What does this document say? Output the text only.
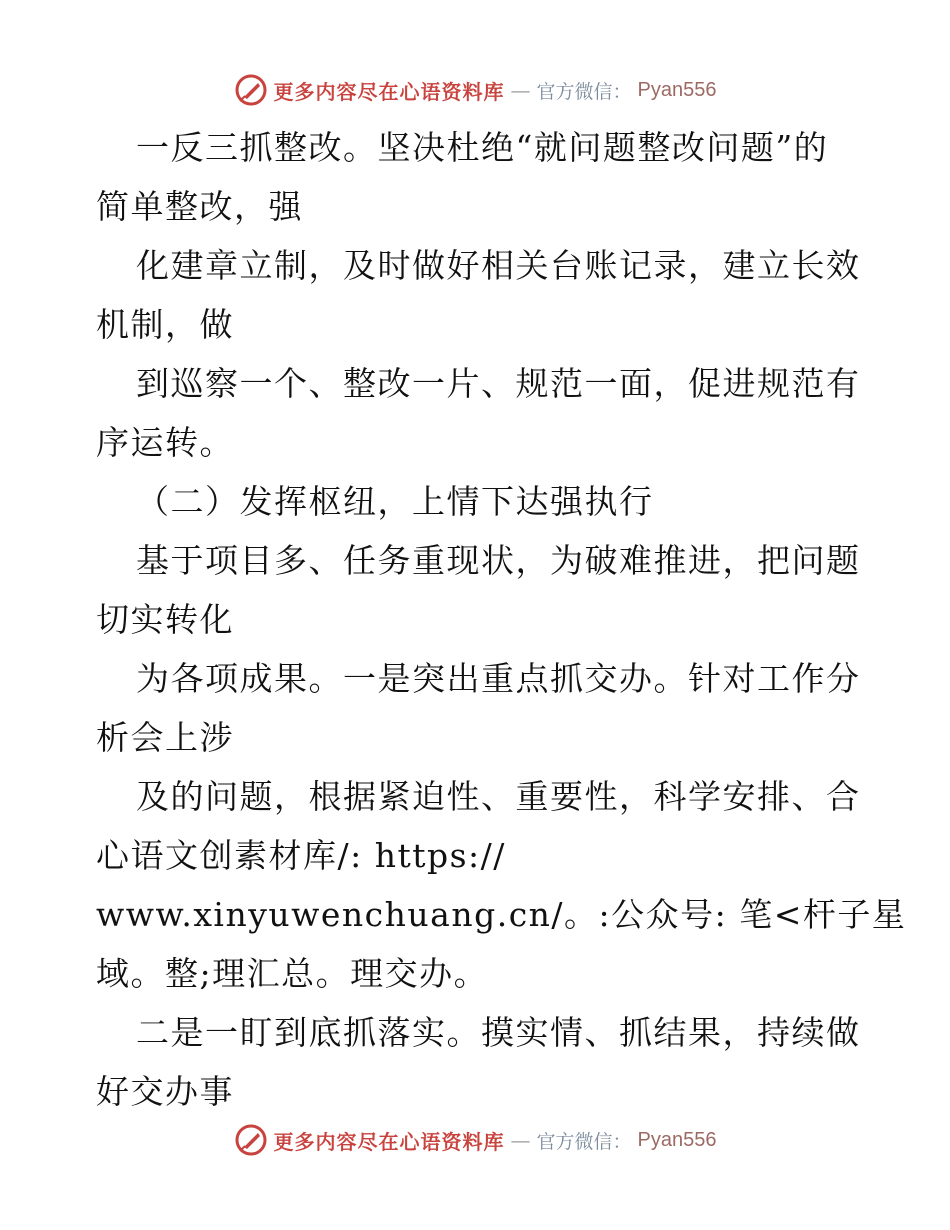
更多内容尽在心语资料库 — 官方微信： Pyan556
一反三抓整改。坚决杜绝“就问题整改问题”的
简单整改，强
化建章立制，及时做好相关台账记录，建立长效
机制，做
到巡察一个、整改一片、规范一面，促进规范有
序运转。
（二）发挥枢纽，上情下达强执行
基于项目多、任务重现状，为破难推进，把问题
切实转化
为各项成果。一是突出重点抓交办。针对工作分
析会上涉
及的问题，根据紧迫性、重要性，科学安排、合
心语文创素材库/: https://
www.xinyuwenchuang.cn/。:公众号: 笔<杆子星
域。整;理汇总。理交办。
二是一盯到底抓落实。摸实情、抓结果，持续做
好交办事
更多内容尽在心语资料库 — 官方微信： Pyan556
